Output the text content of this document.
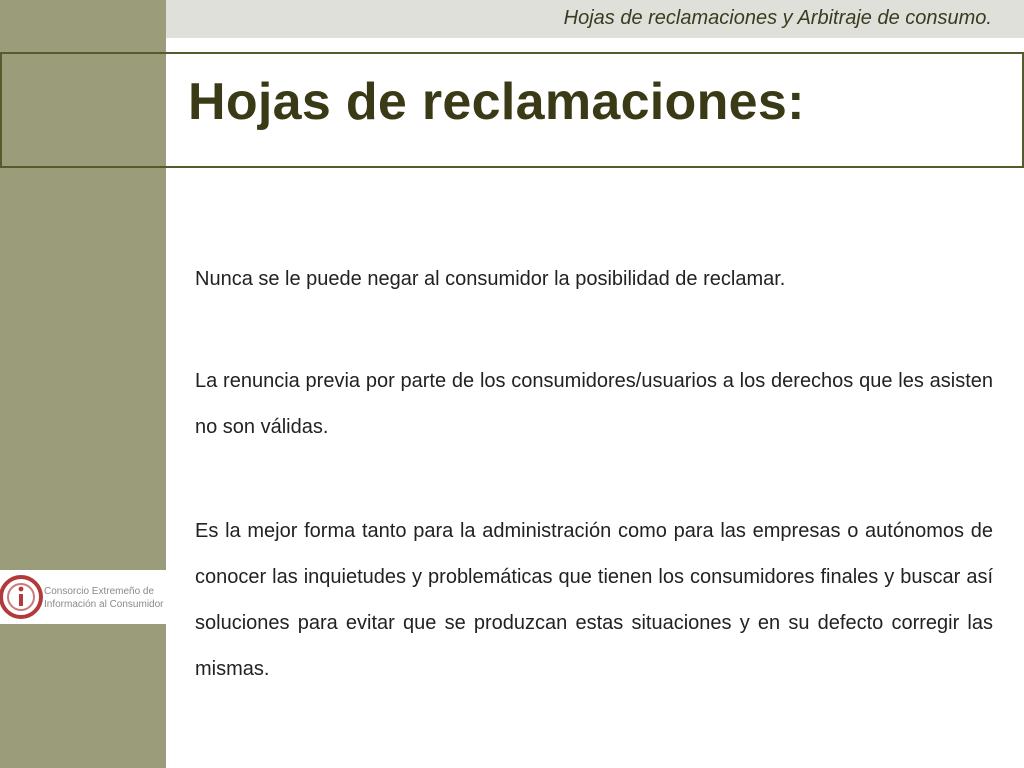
Hojas de reclamaciones y Arbitraje de consumo.
Hojas de reclamaciones:

Nunca se le puede negar al consumidor la posibilidad de reclamar.

La renuncia previa por parte de los consumidores/usuarios a los derechos que les asisten no son válidas.

Es la mejor forma tanto para la administración como para las empresas o autónomos de conocer las inquietudes y problemáticas que tienen los consumidores finales y buscar así soluciones para evitar que se produzcan estas situaciones y en su defecto corregir las mismas.

Consorcio Extremeño de
Información al Consumidor
